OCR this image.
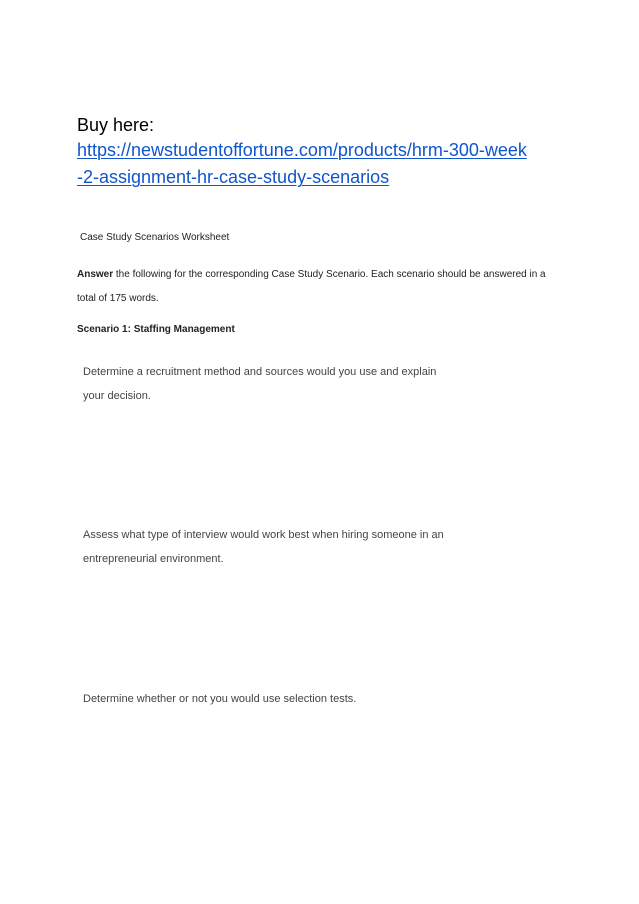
Buy here:
https://newstudentoffortune.com/products/hrm-300-week
-2-assignment-hr-case-study-scenarios
Case Study Scenarios Worksheet
Answer the following for the corresponding Case Study Scenario. Each scenario should be answered in a
total of 175 words.
Scenario 1: Staffing Management
Determine a recruitment method and sources would you use and explain
your decision.
Assess what type of interview would work best when hiring someone in an
entrepreneurial environment.
Determine whether or not you would use selection tests.
